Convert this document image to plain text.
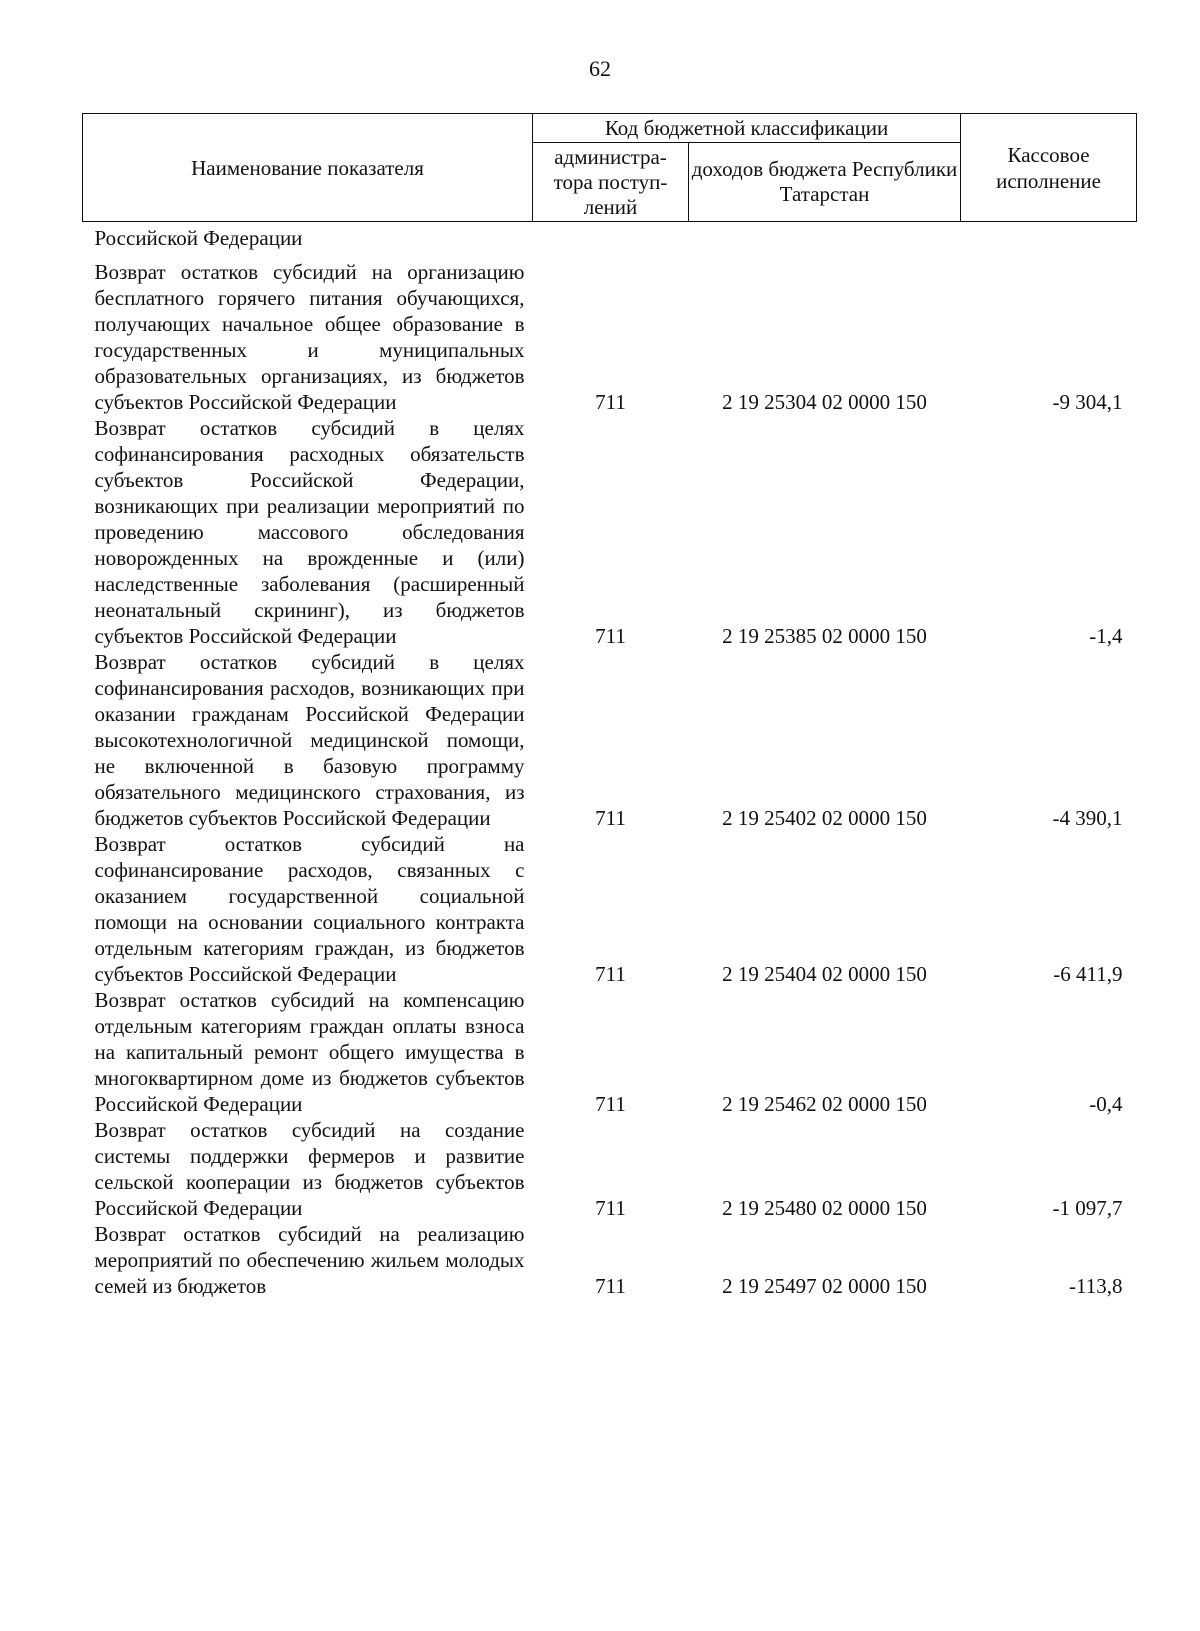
62
Наименование показателя	Код бюджетной классификации		Кассовое исполнение
	администра-тора поступ-лений	доходов бюджета Республики Татарстан	
Российской Федерации			

Возврат остатков субсидий на организацию бесплатного горячего питания обучающихся, получающих начальное общее образование в государственных и муниципальных образовательных организациях, из бюджетов субъектов Российской Федерации	711	2 19 25304 02 0000 150	-9 304,1
Возврат остатков субсидий в целях софинансирования расходных обязательств субъектов Российской Федерации, возникающих при реализации мероприятий по проведению массового обследования новорожденных на врожденные и (или) наследственные заболевания (расширенный неонатальный скрининг), из бюджетов субъектов Российской Федерации	711	2 19 25385 02 0000 150	-1,4
Возврат остатков субсидий в целях софинансирования расходов, возникающих при оказании гражданам Российской Федерации высокотехнологичной медицинской помощи, не включенной в базовую программу обязательного медицинского страхования, из бюджетов субъектов Российской Федерации	711	2 19 25402 02 0000 150	-4 390,1
Возврат остатков субсидий на софинансирование расходов, связанных с оказанием государственной социальной помощи на основании социального контракта отдельным категориям граждан, из бюджетов субъектов Российской Федерации	711	2 19 25404 02 0000 150	-6 411,9
Возврат остатков субсидий на компенсацию отдельным категориям граждан оплаты взноса на капитальный ремонт общего имущества в многоквартирном доме из бюджетов субъектов Российской Федерации	711	2 19 25462 02 0000 150	-0,4
Возврат остатков субсидий на создание системы поддержки фермеров и развитие сельской кооперации из бюджетов субъектов Российской Федерации	711	2 19 25480 02 0000 150	-1 097,7
Возврат остатков субсидий на реализацию мероприятий по обеспечению жильем молодых семей из бюджетов	711	2 19 25497 02 0000 150	-113,8
